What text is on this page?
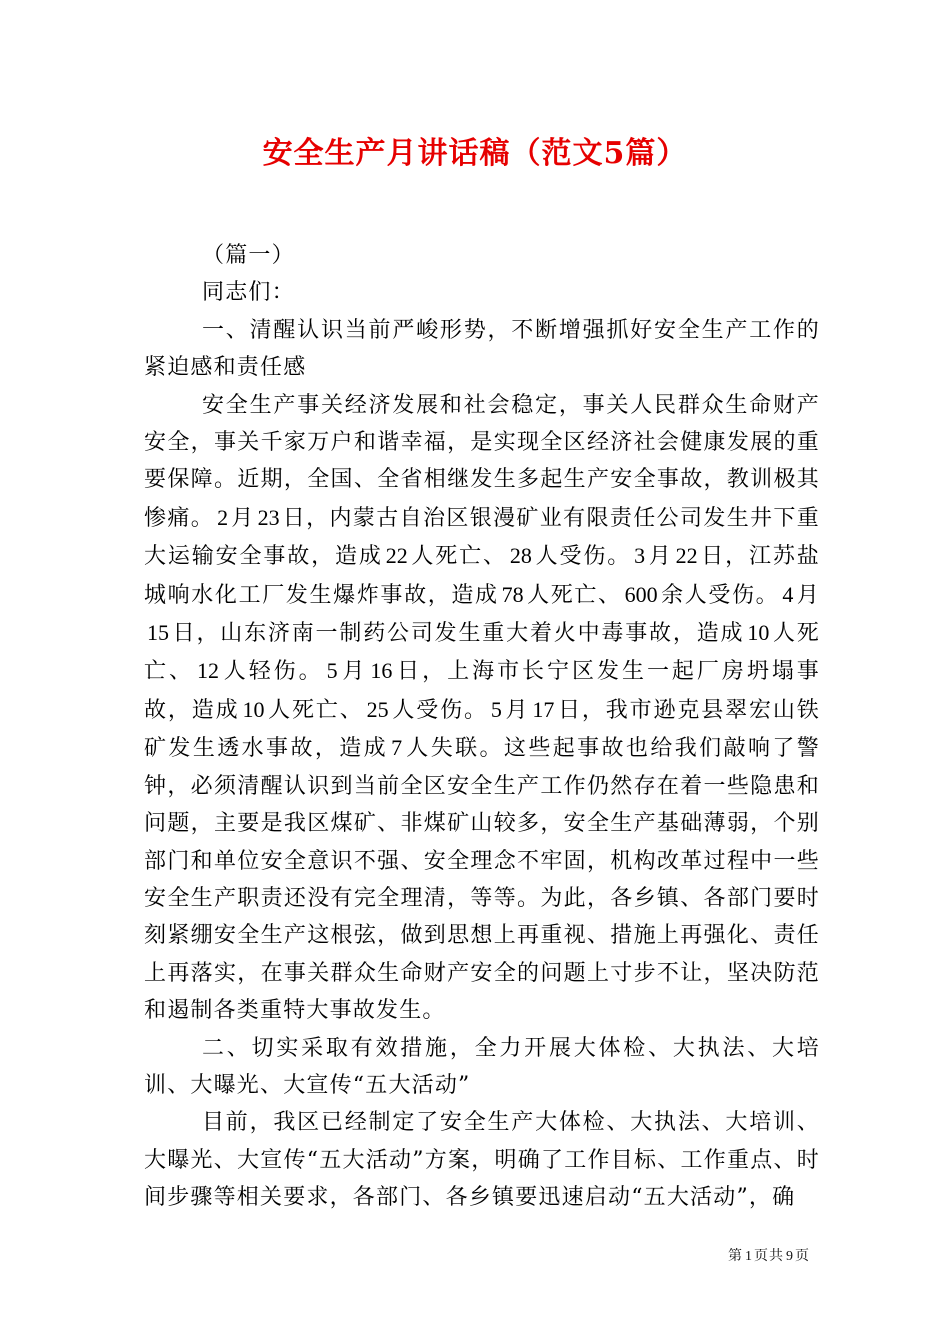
安全生产月讲话稿（范文5篇）

（篇一）

同志们：

一、清醒认识当前严峻形势，不断增强抓好安全生产工作的紧迫感和责任感

安全生产事关经济发展和社会稳定，事关人民群众生命财产安全，事关千家万户和谐幸福，是实现全区经济社会健康发展的重要保障。近期，全国、全省相继发生多起生产安全事故，教训极其惨痛。 2 月 23 日，内蒙古自治区银漫矿业有限责任公司发生井下重大运输安全事故，造成 22 人死亡、 28 人受伤。 3 月 22 日，江苏盐城响水化工厂发生爆炸事故，造成 78 人死亡、 600 余人受伤。 4 月15 日，山东济南一制药公司发生重大着火中毒事故，造成 10 人死亡、 12 人轻伤。 5 月 16 日，上海市长宁区发生一起厂房坍塌事故，造成 10 人死亡、 25 人受伤。 5 月 17 日，我市逊克县翠宏山铁矿发生透水事故，造成 7 人失联。这些起事故也给我们敲响了警钟，必须清醒认识到当前全区安全生产工作仍然存在着一些隐患和问题，主要是我区煤矿、非煤矿山较多，安全生产基础薄弱，个别部门和单位安全意识不强、安全理念不牢固，机构改革过程中一些安全生产职责还没有完全理清，等等。为此，各乡镇、各部门要时刻紧绷安全生产这根弦，做到思想上再重视、措施上再强化、责任上再落实，在事关群众生命财产安全的问题上寸步不让，坚决防范和遏制各类重特大事故发生。

二、切实采取有效措施，全力开展大体检、大执法、大培训、大曝光、大宣传“五大活动”

目前，我区已经制定了安全生产大体检、大执法、大培训、大曝光、大宣传“五大活动”方案，明确了工作目标、工作重点、时间步骤等相关要求，各部门、各乡镇要迅速启动“五大活动”，确

第 1 页共 9 页
